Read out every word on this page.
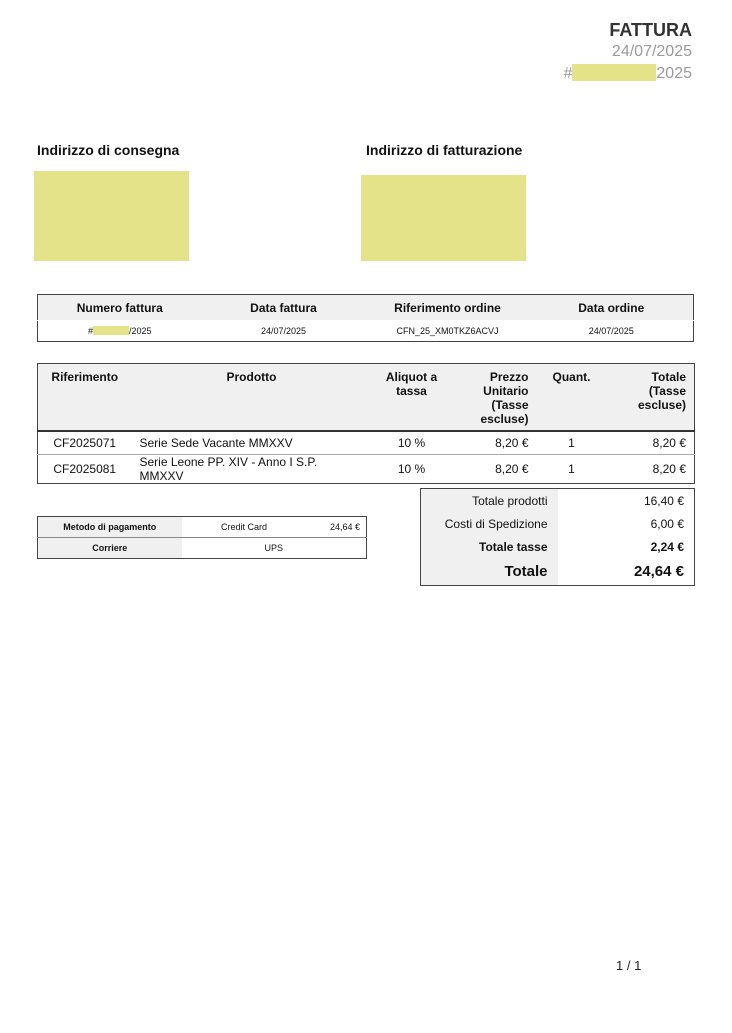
FATTURA
24/07/2025
#	2025
Indirizzo di consegna	Indirizzo di fatturazione
Numero fattura	Data fattura	Riferimento ordine	Data ordine
# /2025	24/07/2025	CFN_25_XM0TKZ6ACVJ	24/07/2025
Riferimento	Prodotto	Aliquot a tassa	Prezzo Unitario (Tasse escluse)	Quant.	Totale (Tasse escluse)
CF2025071	Serie Sede Vacante MMXXV	10 %	8,20 €	1	8,20 €
CF2025081	Serie Leone PP. XIV - Anno I S.P. MMXXV	10 %	8,20 €	1	8,20 €
Metodo di pagamento	Credit Card	24,64 €
Corriere	UPS	
Totale prodotti	16,40 €
Costi di Spedizione	6,00 €
Totale tasse	2,24 €
Totale	24,64 €
1 / 1
